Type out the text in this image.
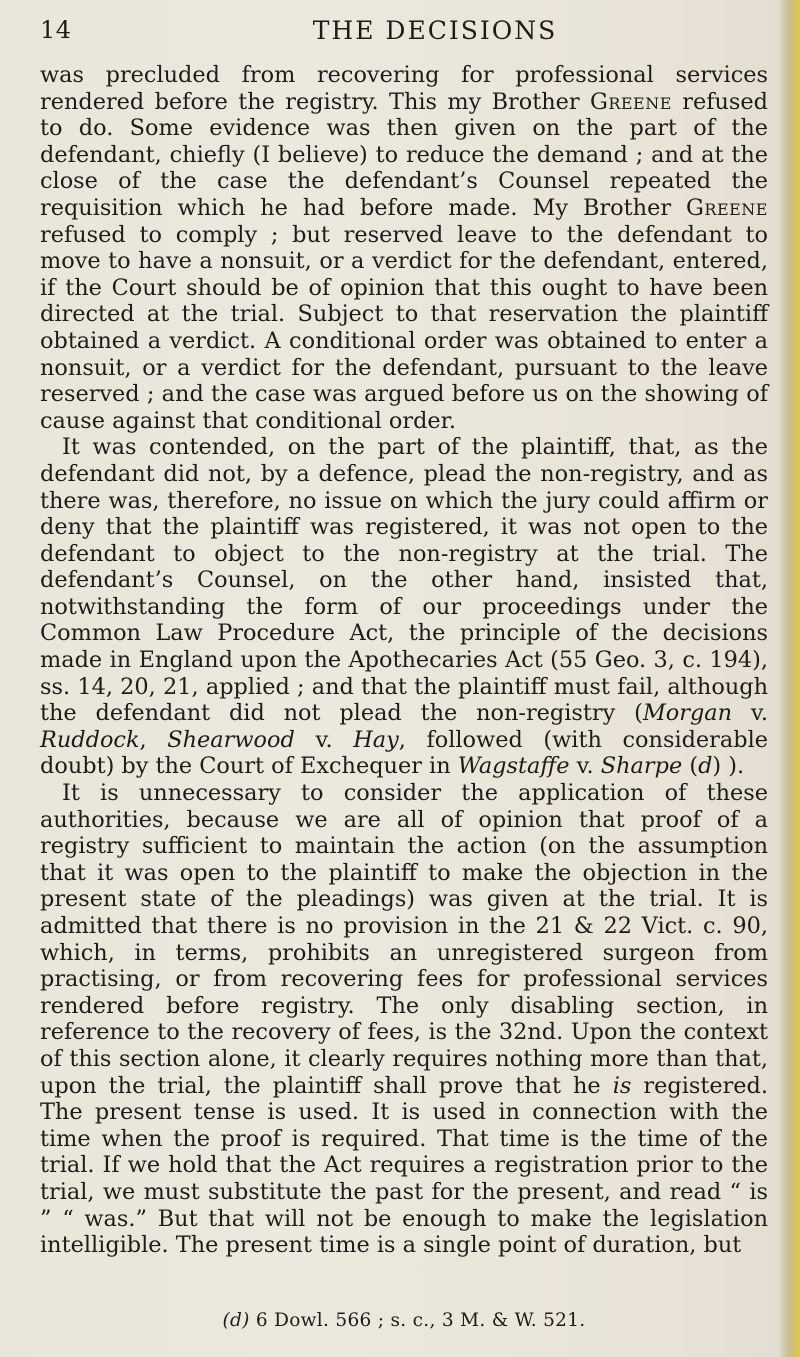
14	THE DECISIONS

was precluded from recovering for professional services rendered before the registry. This my Brother Greene refused to do. Some evidence was then given on the part of the defendant, chiefly (I believe) to reduce the demand ; and at the close of the case the defendant’s Counsel repeated the requisition which he had before made. My Brother Greene refused to comply ; but reserved leave to the defendant to move to have a nonsuit, or a verdict for the defendant, entered, if the Court should be of opinion that this ought to have been directed at the trial. Subject to that reservation the plaintiff obtained a verdict. A conditional order was obtained to enter a nonsuit, or a verdict for the defendant, pursuant to the leave reserved ; and the case was argued before us on the showing of cause against that conditional order.

It was contended, on the part of the plaintiff, that, as the defendant did not, by a defence, plead the non-registry, and as there was, therefore, no issue on which the jury could affirm or deny that the plaintiff was registered, it was not open to the defendant to object to the non-registry at the trial. The defendant’s Counsel, on the other hand, insisted that, notwithstanding the form of our proceedings under the Common Law Procedure Act, the principle of the decisions made in England upon the Apothecaries Act (55 Geo. 3, c. 194), ss. 14, 20, 21, applied ; and that the plaintiff must fail, although the defendant did not plead the non-registry (Morgan v. Ruddock, Shearwood v. Hay, followed (with considerable doubt) by the Court of Exchequer in Wagstaffe v. Sharpe (d) ).

It is unnecessary to consider the application of these authorities, because we are all of opinion that proof of a registry sufficient to maintain the action (on the assumption that it was open to the plaintiff to make the objection in the present state of the pleadings) was given at the trial. It is admitted that there is no provision in the 21 & 22 Vict. c. 90, which, in terms, prohibits an unregistered surgeon from practising, or from recovering fees for professional services rendered before registry. The only disabling section, in reference to the recovery of fees, is the 32nd. Upon the context of this section alone, it clearly requires nothing more than that, upon the trial, the plaintiff shall prove that he is registered. The present tense is used. It is used in connection with the time when the proof is required. That time is the time of the trial. If we hold that the Act requires a registration prior to the trial, we must substitute the past for the present, and read “ is ” “ was.” But that will not be enough to make the legislation intelligible. The present time is a single point of duration, but

(d) 6 Dowl. 566 ; s. c., 3 M. & W. 521.
